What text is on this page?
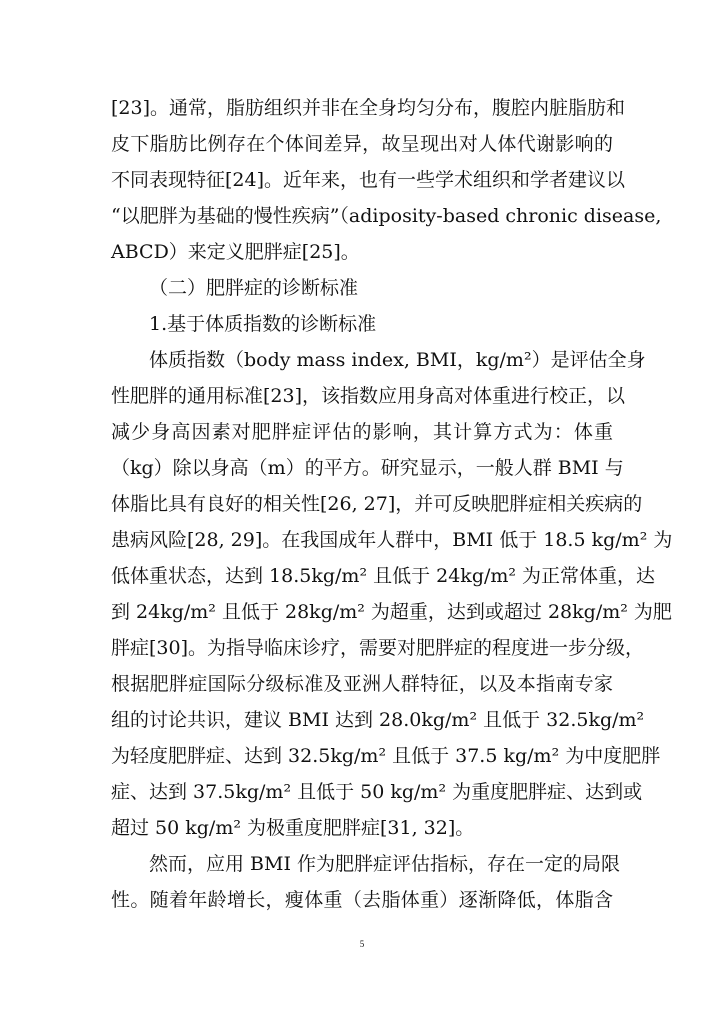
[23]。通常，脂肪组织并非在全身均匀分布，腹腔内脏脂肪和
皮下脂肪比例存在个体间差异，故呈现出对人体代谢影响的
不同表现特征[24]。近年来，也有一些学术组织和学者建议以
“以肥胖为基础的慢性疾病”（adiposity-based chronic disease,
ABCD）来定义肥胖症[25]。
（二）肥胖症的诊断标准
1.基于体质指数的诊断标准
体质指数（body mass index, BMI，kg/m²）是评估全身
性肥胖的通用标准[23]，该指数应用身高对体重进行校正，以
减少身高因素对肥胖症评估的影响，其计算方式为：体重
（kg）除以身高（m）的平方。研究显示，一般人群 BMI 与
体脂比具有良好的相关性[26, 27]，并可反映肥胖症相关疾病的
患病风险[28, 29]。在我国成年人群中，BMI 低于 18.5 kg/m² 为
低体重状态，达到 18.5kg/m² 且低于 24kg/m² 为正常体重，达
到 24kg/m² 且低于 28kg/m² 为超重，达到或超过 28kg/m² 为肥
胖症[30]。为指导临床诊疗，需要对肥胖症的程度进一步分级，
根据肥胖症国际分级标准及亚洲人群特征，以及本指南专家
组的讨论共识，建议 BMI 达到 28.0kg/m² 且低于 32.5kg/m²
为轻度肥胖症、达到 32.5kg/m² 且低于 37.5 kg/m² 为中度肥胖
症、达到 37.5kg/m² 且低于 50 kg/m² 为重度肥胖症、达到或
超过 50 kg/m² 为极重度肥胖症[31, 32]。
然而，应用 BMI 作为肥胖症评估指标，存在一定的局限
性。随着年龄增长，瘦体重（去脂体重）逐渐降低，体脂含
5
